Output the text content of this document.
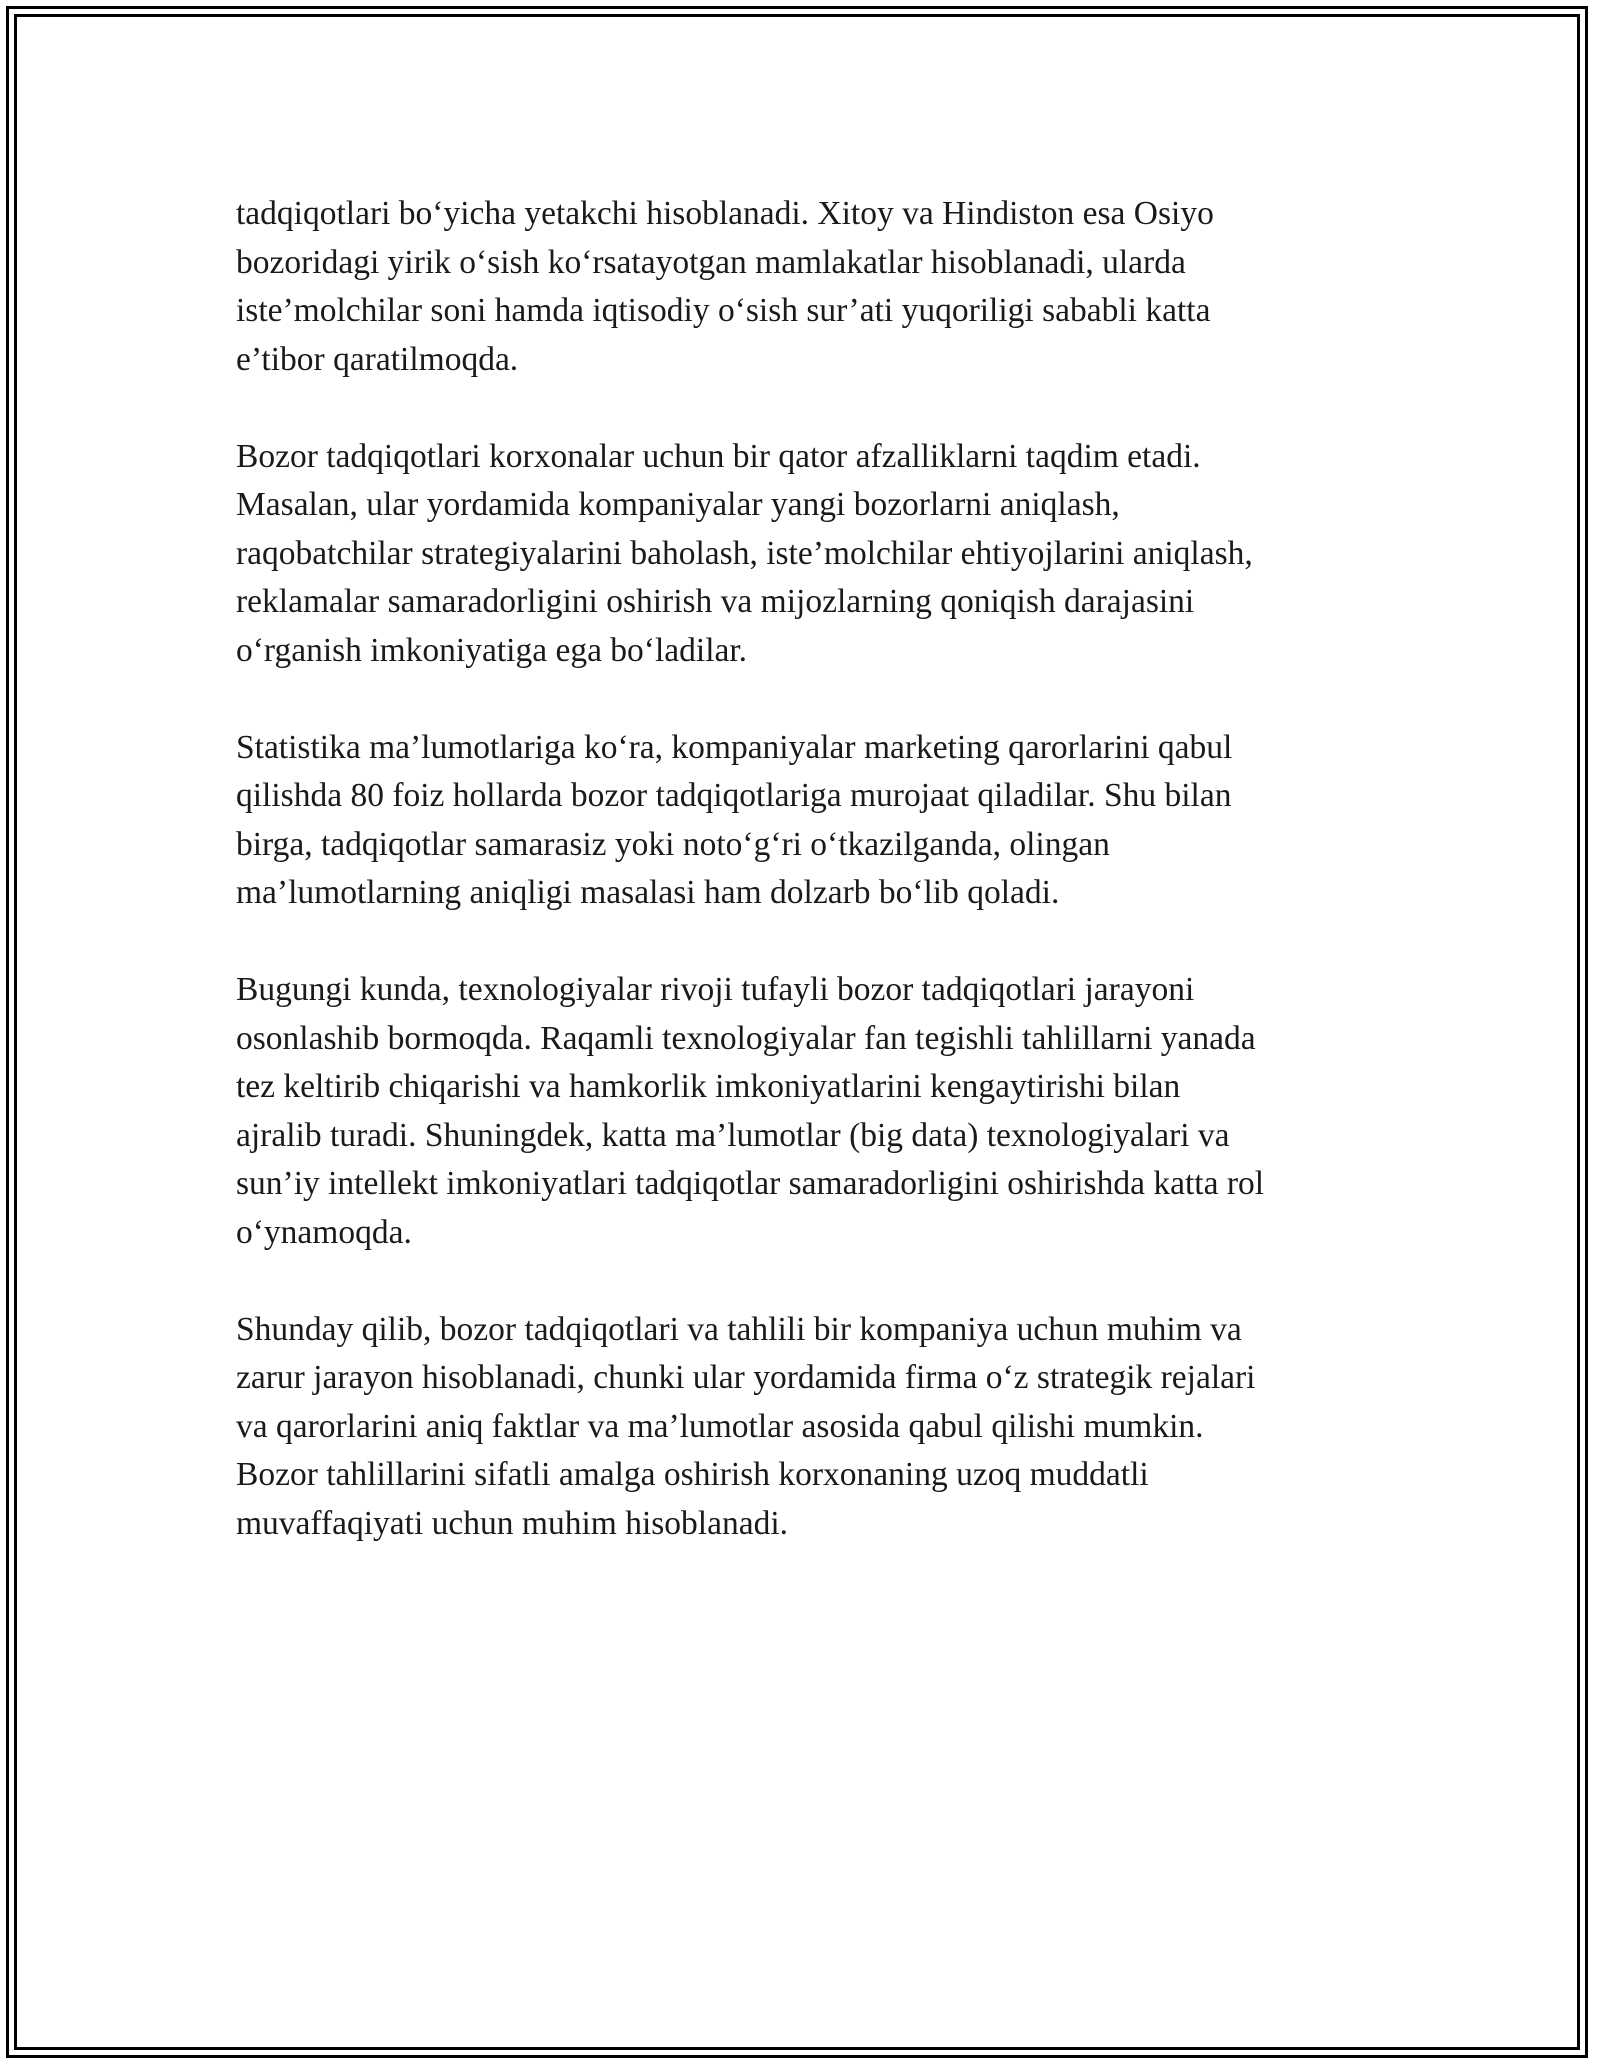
tadqiqotlari bo‘yicha yetakchi hisoblanadi. Xitoy va Hindiston esa Osiyo
bozoridagi yirik o‘sish ko‘rsatayotgan mamlakatlar hisoblanadi, ularda
iste’molchilar soni hamda iqtisodiy o‘sish sur’ati yuqoriligi sababli katta
e’tibor qaratilmoqda.

Bozor tadqiqotlari korxonalar uchun bir qator afzalliklarni taqdim etadi.
Masalan, ular yordamida kompaniyalar yangi bozorlarni aniqlash,
raqobatchilar strategiyalarini baholash, iste’molchilar ehtiyojlarini aniqlash,
reklamalar samaradorligini oshirish va mijozlarning qoniqish darajasini
o‘rganish imkoniyatiga ega bo‘ladilar.

Statistika ma’lumotlariga ko‘ra, kompaniyalar marketing qarorlarini qabul
qilishda 80 foiz hollarda bozor tadqiqotlariga murojaat qiladilar. Shu bilan
birga, tadqiqotlar samarasiz yoki noto‘g‘ri o‘tkazilganda, olingan
ma’lumotlarning aniqligi masalasi ham dolzarb bo‘lib qoladi.

Bugungi kunda, texnologiyalar rivoji tufayli bozor tadqiqotlari jarayoni
osonlashib bormoqda. Raqamli texnologiyalar fan tegishli tahlillarni yanada
tez keltirib chiqarishi va hamkorlik imkoniyatlarini kengaytirishi bilan
ajralib turadi. Shuningdek, katta ma’lumotlar (big data) texnologiyalari va
sun’iy intellekt imkoniyatlari tadqiqotlar samaradorligini oshirishda katta rol
o‘ynamoqda.

Shunday qilib, bozor tadqiqotlari va tahlili bir kompaniya uchun muhim va
zarur jarayon hisoblanadi, chunki ular yordamida firma o‘z strategik rejalari
va qarorlarini aniq faktlar va ma’lumotlar asosida qabul qilishi mumkin.
Bozor tahlillarini sifatli amalga oshirish korxonaning uzoq muddatli
muvaffaqiyati uchun muhim hisoblanadi.
